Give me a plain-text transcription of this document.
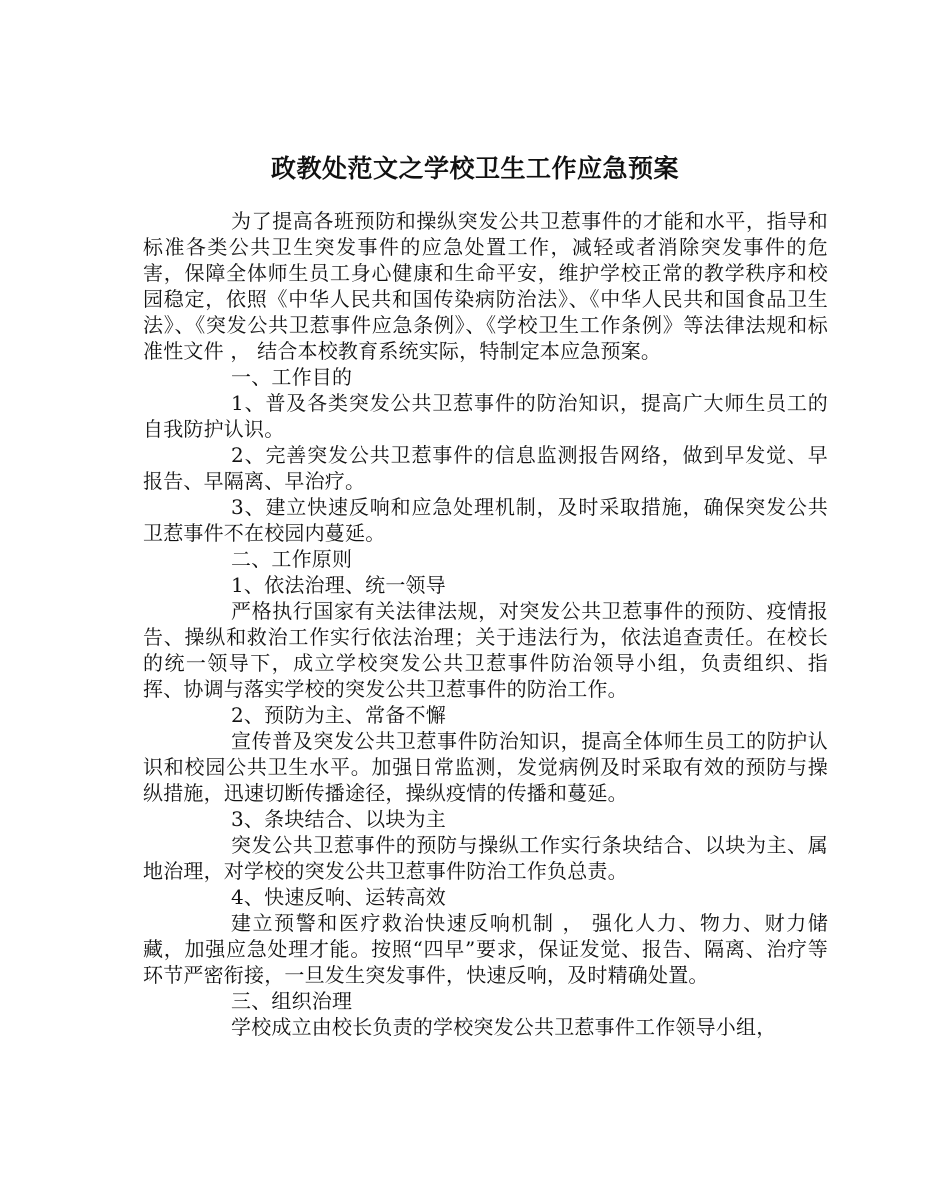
政教处范文之学校卫生工作应急预案

为了提高各班预防和操纵突发公共卫惹事件的才能和水平，指导和标准各类公共卫生突发事件的应急处置工作，减轻或者消除突发事件的危害，保障全体师生员工身心健康和生命平安，维护学校正常的教学秩序和校园稳定，依照《中华人民共和国传染病防治法》、《中华人民共和国食品卫生法》、《突发公共卫惹事件应急条例》、《学校卫生工作条例》等法律法规和标准性文件 ， 结合本校教育系统实际，特制定本应急预案。

一、工作目的

1、普及各类突发公共卫惹事件的防治知识，提高广大师生员工的自我防护认识。

2、完善突发公共卫惹事件的信息监测报告网络，做到早发觉、早报告、早隔离、早治疗。

3、建立快速反响和应急处理机制，及时采取措施，确保突发公共卫惹事件不在校园内蔓延。

二、工作原则

1、依法治理、统一领导

严格执行国家有关法律法规，对突发公共卫惹事件的预防、疫情报告、操纵和救治工作实行依法治理；关于违法行为，依法追查责任。在校长的统一领导下，成立学校突发公共卫惹事件防治领导小组，负责组织、指挥、协调与落实学校的突发公共卫惹事件的防治工作。

2、预防为主、常备不懈

宣传普及突发公共卫惹事件防治知识，提高全体师生员工的防护认识和校园公共卫生水平。加强日常监测，发觉病例及时采取有效的预防与操纵措施，迅速切断传播途径，操纵疫情的传播和蔓延。

3、条块结合、以块为主

突发公共卫惹事件的预防与操纵工作实行条块结合、以块为主、属地治理，对学校的突发公共卫惹事件防治工作负总责。

4、快速反响、运转高效

建立预警和医疗救治快速反响机制 ， 强化人力、物力、财力储藏，加强应急处理才能。按照“四早”要求，保证发觉、报告、隔离、治疗等环节严密衔接，一旦发生突发事件，快速反响，及时精确处置。

三、组织治理

学校成立由校长负责的学校突发公共卫惹事件工作领导小组，
